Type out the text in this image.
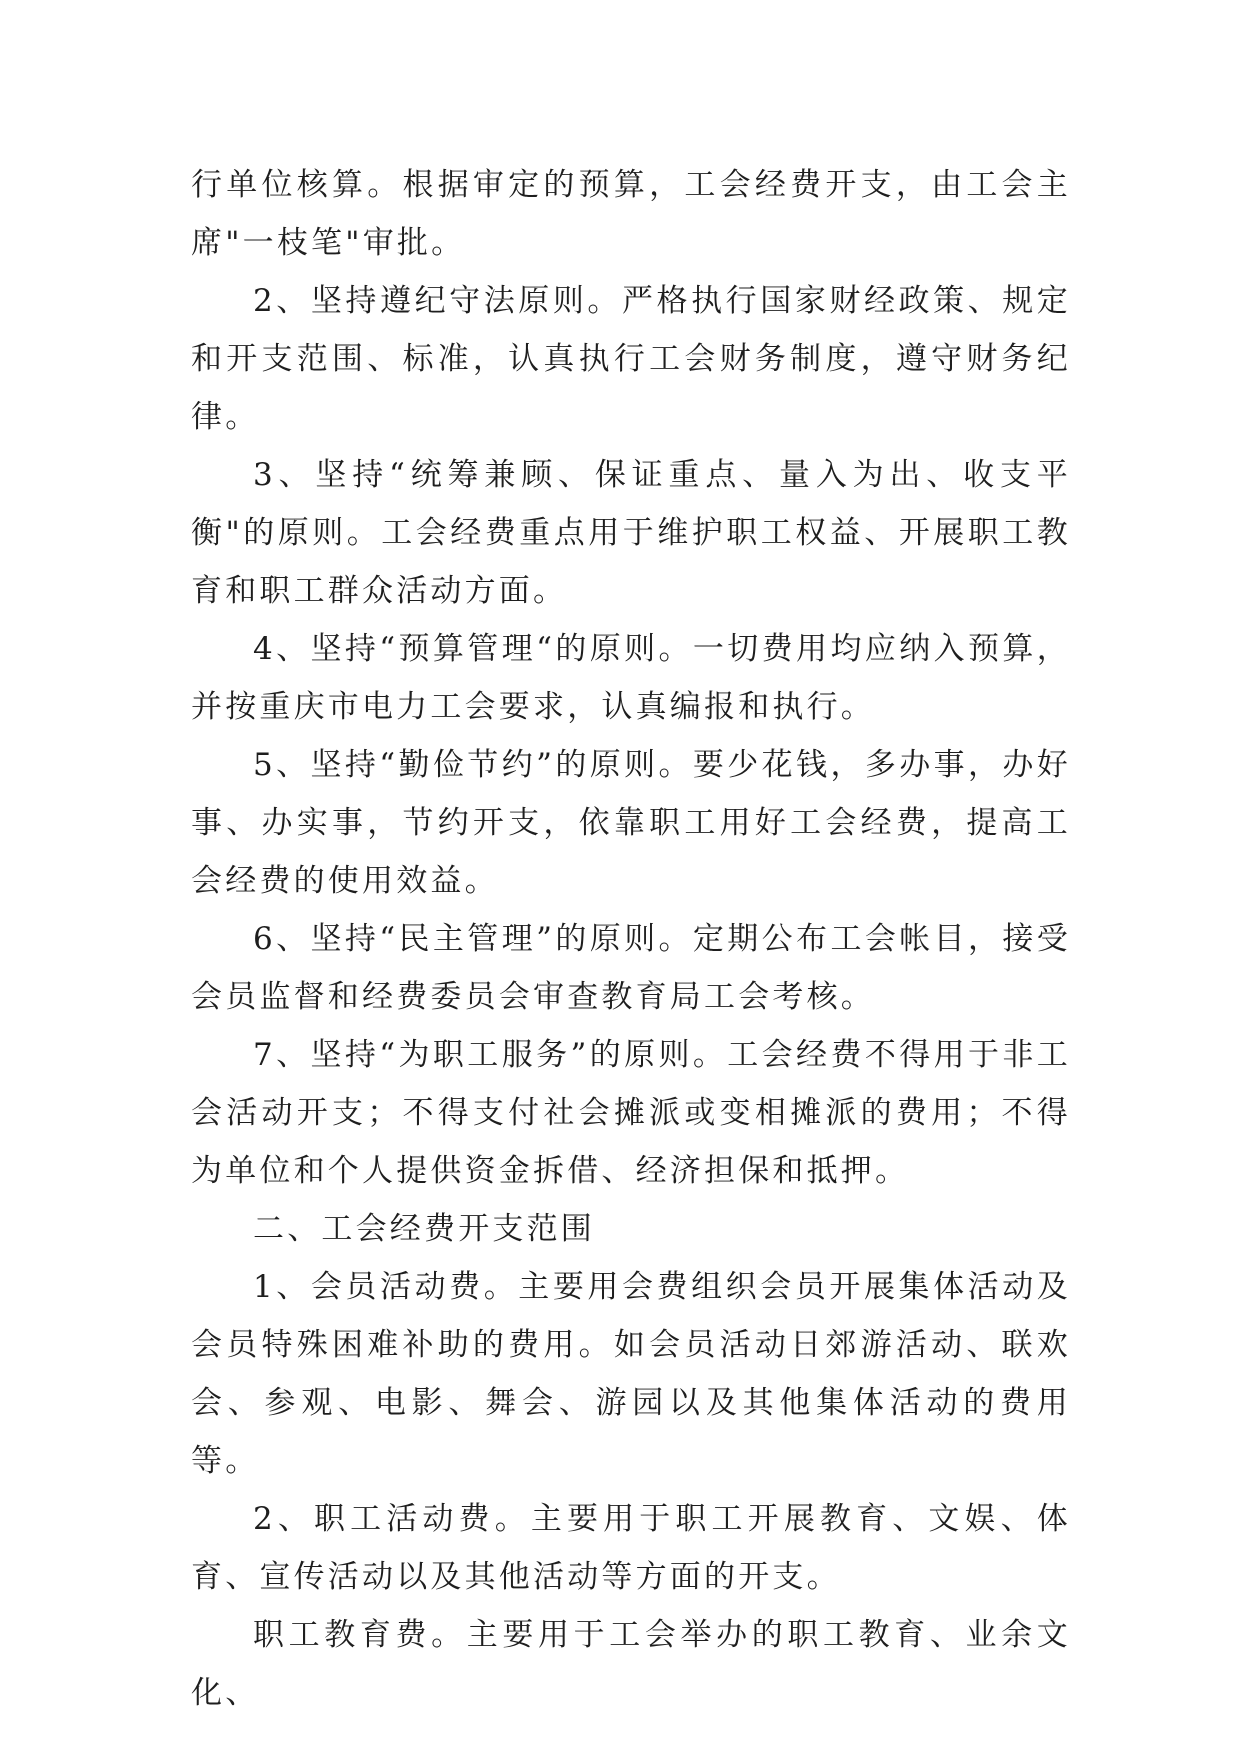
行单位核算。根据审定的预算，工会经费开支，由工会主席"一枝笔"审批。

2、坚持遵纪守法原则。严格执行国家财经政策、规定和开支范围、标准，认真执行工会财务制度，遵守财务纪律。

3、坚持“统筹兼顾、保证重点、量入为出、收支平衡"的原则。工会经费重点用于维护职工权益、开展职工教育和职工群众活动方面。

4、坚持“预算管理“的原则。一切费用均应纳入预算，并按重庆市电力工会要求，认真编报和执行。

5、坚持“勤俭节约”的原则。要少花钱，多办事，办好事、办实事，节约开支，依靠职工用好工会经费，提高工会经费的使用效益。

6、坚持“民主管理”的原则。定期公布工会帐目，接受会员监督和经费委员会审查教育局工会考核。

7、坚持“为职工服务”的原则。工会经费不得用于非工会活动开支；不得支付社会摊派或变相摊派的费用；不得为单位和个人提供资金拆借、经济担保和抵押。

二、工会经费开支范围

1、会员活动费。主要用会费组织会员开展集体活动及会员特殊困难补助的费用。如会员活动日郊游活动、联欢会、参观、电影、舞会、游园以及其他集体活动的费用等。

2、职工活动费。主要用于职工开展教育、文娱、体育、宣传活动以及其他活动等方面的开支。

职工教育费。主要用于工会举办的职工教育、业余文化、
